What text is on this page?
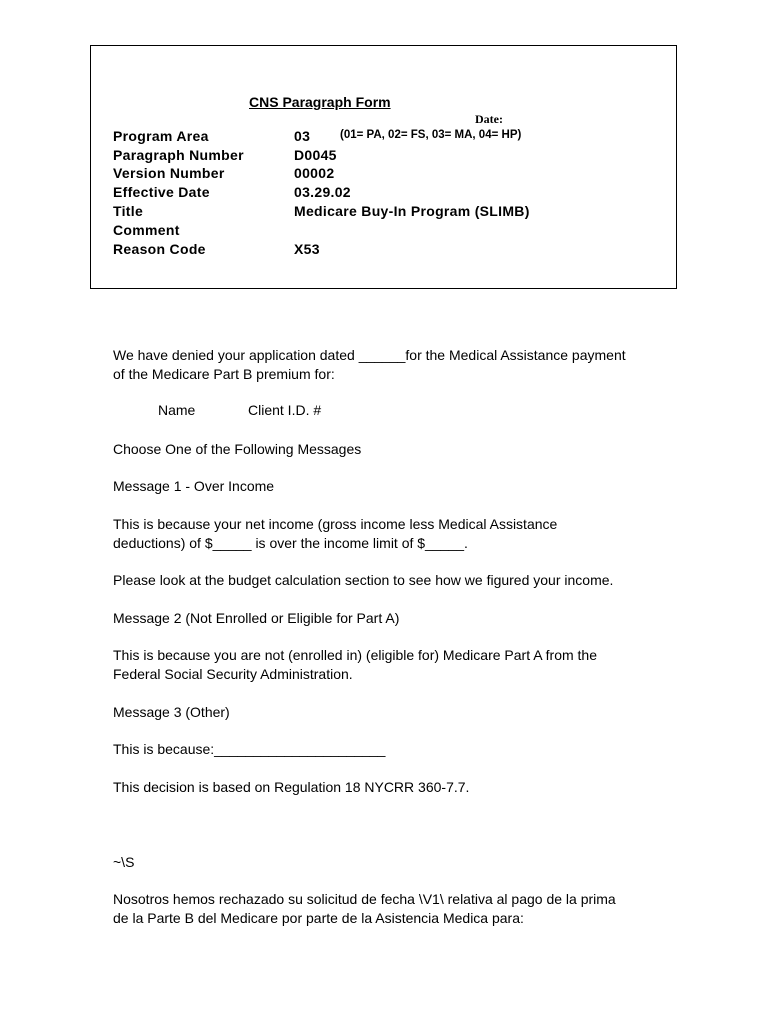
CNS Paragraph Form
Date:
Program Area	03	(01= PA, 02= FS, 03= MA, 04= HP)
Paragraph Number	D0045
Version Number	00002
Effective Date	03.29.02
Title	Medicare Buy-In Program (SLIMB)
Comment
Reason Code	X53
We have denied your application dated ______for the Medical Assistance payment
of the Medicare Part B premium for:
Name	Client I.D. #
Choose One of the Following Messages
Message 1 - Over Income
This is because your net income (gross income less Medical Assistance
deductions) of $_____ is over the income limit of $_____.
Please look at the budget calculation section to see how we figured your income.
Message 2 (Not Enrolled or Eligible for Part A)
This is because you are not (enrolled in) (eligible for) Medicare Part A from the
Federal Social Security Administration.
Message 3 (Other)
This is because:______________________
This decision is based on Regulation 18 NYCRR 360-7.7.
~\S
Nosotros hemos rechazado su solicitud de fecha \V1\ relativa al pago de la prima
de la Parte B del Medicare por parte de la Asistencia Medica para:
